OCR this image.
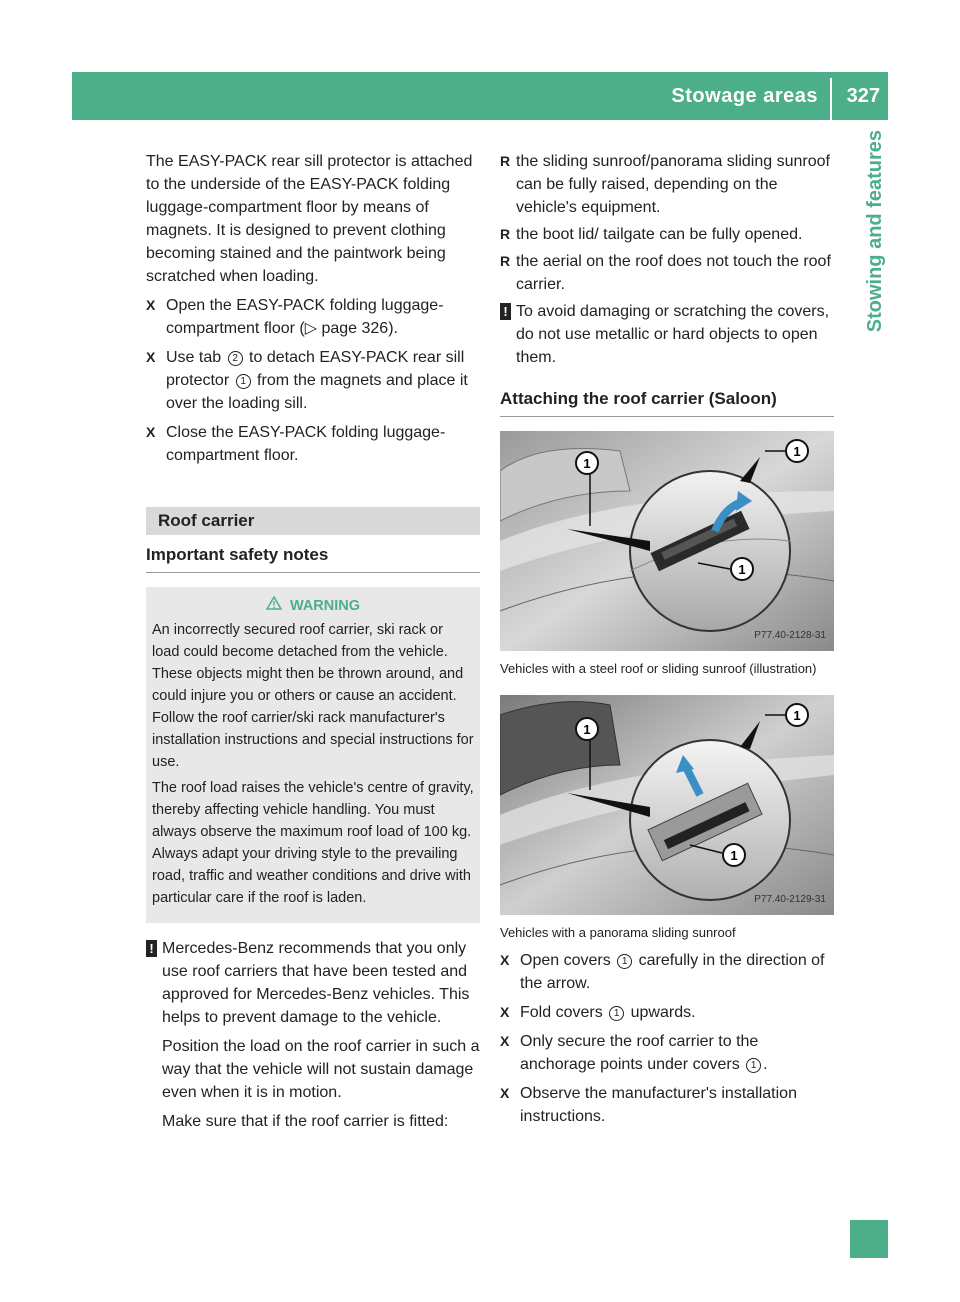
Stowage areas 327
Stowing and features

The EASY-PACK rear sill protector is attached to the underside of the EASY-PACK folding luggage-compartment floor by means of magnets. It is designed to prevent clothing becoming stained and the paintwork being scratched when loading.

X Open the EASY-PACK folding luggage-compartment floor (▷ page 326).
X Use tab 2 to detach EASY-PACK rear sill protector 1 from the magnets and place it over the loading sill.
X Close the EASY-PACK folding luggage-compartment floor.
Roof carrier
Important safety notes
WARNING

An incorrectly secured roof carrier, ski rack or load could become detached from the vehicle. These objects might then be thrown around, and could injure you or others or cause an accident. Follow the roof carrier/ski rack manufacturer's installation instructions and special instructions for use.

The roof load raises the vehicle's centre of gravity, thereby affecting vehicle handling. You must always observe the maximum roof load of 100 kg. Always adapt your driving style to the prevailing road, traffic and weather conditions and drive with particular care if the roof is laden.

! Mercedes-Benz recommends that you only use roof carriers that have been tested and approved for Mercedes-Benz vehicles. This helps to prevent damage to the vehicle.

Position the load on the roof carrier in such a way that the vehicle will not sustain damage even when it is in motion.

Make sure that if the roof carrier is fitted:

R the sliding sunroof/panorama sliding sunroof can be fully raised, depending on the vehicle's equipment.
R the boot lid/ tailgate can be fully opened.
R the aerial on the roof does not touch the roof carrier.
! To avoid damaging or scratching the covers, do not use metallic or hard objects to open them.

Attaching the roof carrier (Saloon)
1
1
1
P77.40-2128-31
Vehicles with a steel roof or sliding sunroof (illustration)
1
1
1
P77.40-2129-31
Vehicles with a panorama sliding sunroof
X Open covers 1 carefully in the direction of the arrow.
X Fold covers 1 upwards.
X Only secure the roof carrier to the anchorage points under covers 1 .
X Observe the manufacturer's installation instructions.
